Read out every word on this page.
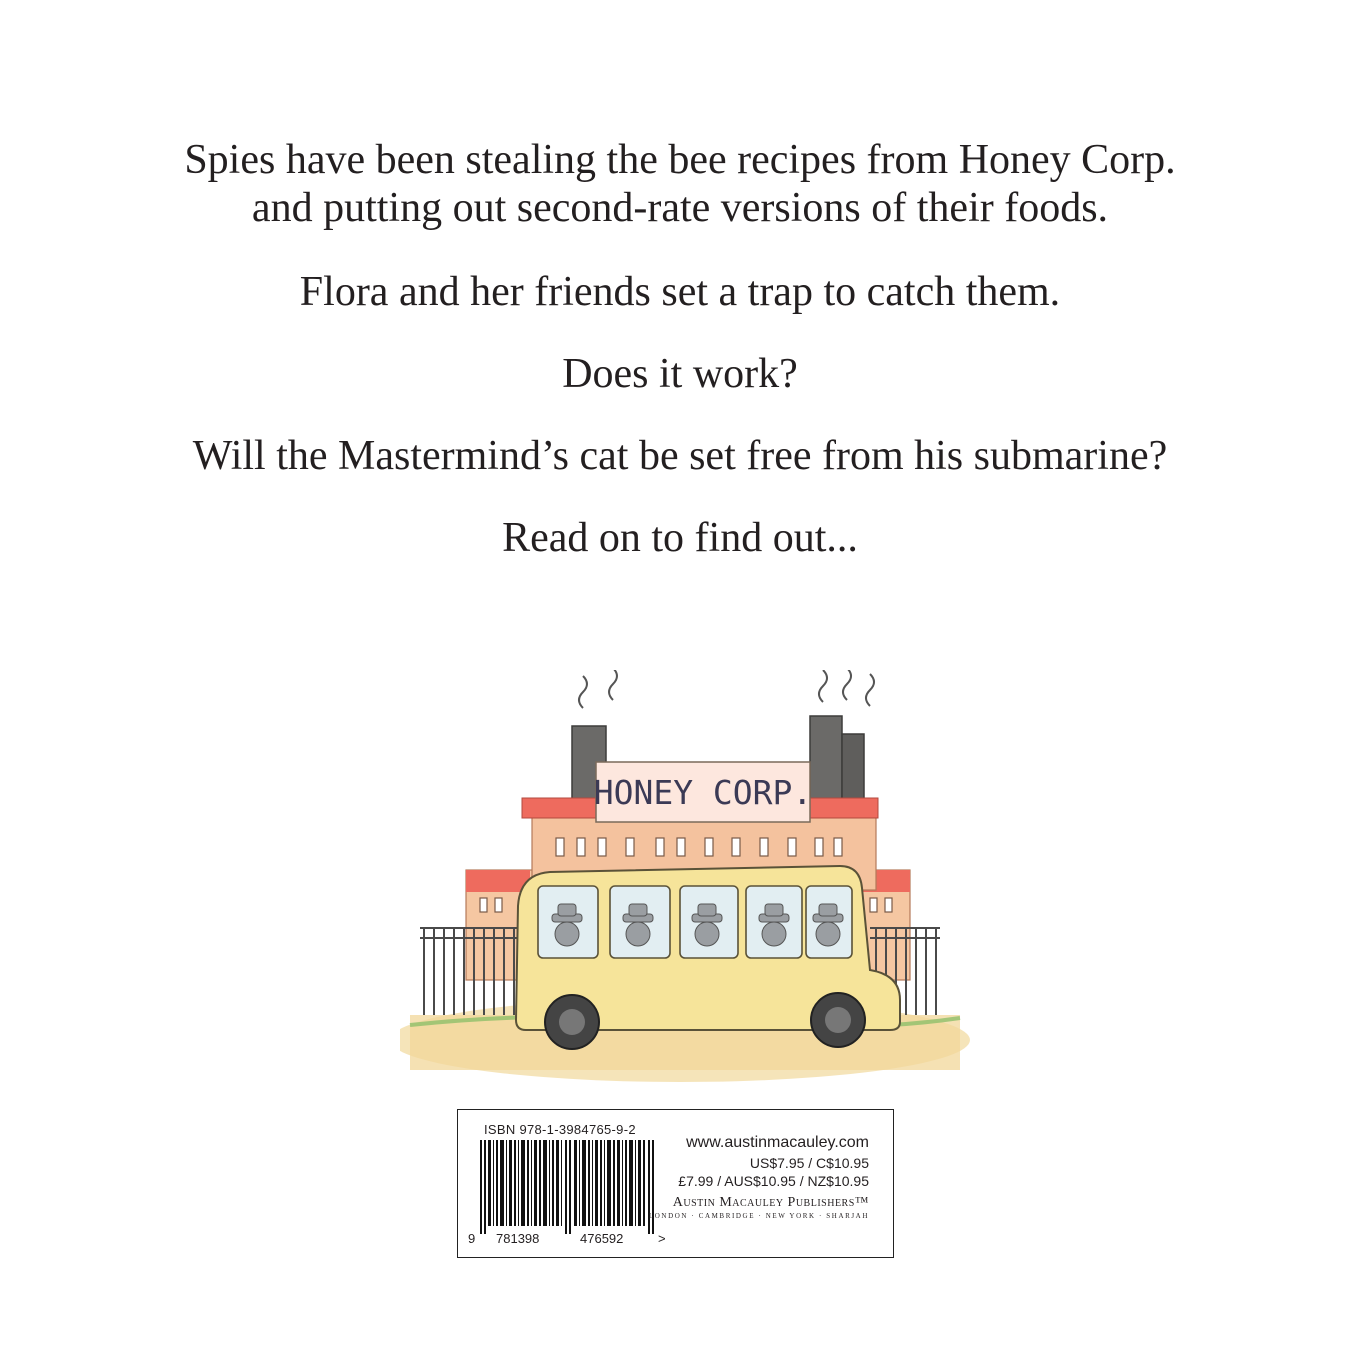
Spies have been stealing the bee recipes from Honey Corp.
and putting out second-rate versions of their foods.

Flora and her friends set a trap to catch them.

Does it work?

Will the Mastermind’s cat be set free from his submarine?

Read on to find out...

HONEY CORP.
ISBN 978-1-3984765-9-2
9 781398	476592	>
www.austinmacauley.com
US$7.95 / C$10.95
£7.99 / AUS$10.95 / NZ$10.95
Austin Macauley Publishers™
LONDON · CAMBRIDGE · NEW YORK · SHARJAH
